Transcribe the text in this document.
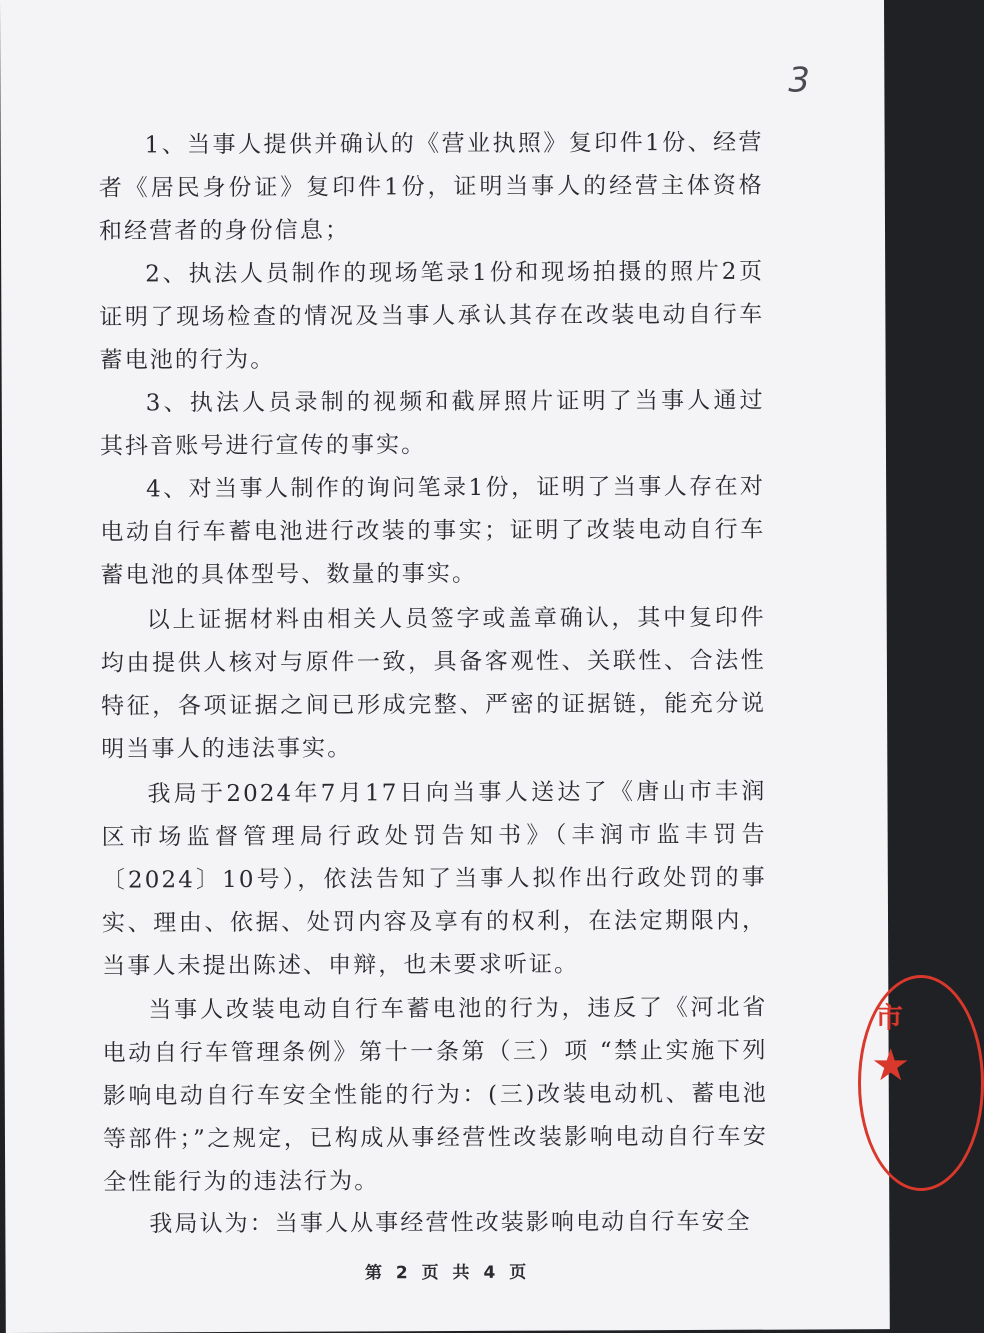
3

1、当事人提供并确认的《营业执照》复印件1份、经营者《居民身份证》复印件1份，证明当事人的经营主体资格和经营者的身份信息；

2、执法人员制作的现场笔录1份和现场拍摄的照片2页证明了现场检查的情况及当事人承认其存在改装电动自行车蓄电池的行为。

3、执法人员录制的视频和截屏照片证明了当事人通过其抖音账号进行宣传的事实。

4、对当事人制作的询问笔录1份，证明了当事人存在对电动自行车蓄电池进行改装的事实；证明了改装电动自行车蓄电池的具体型号、数量的事实。

以上证据材料由相关人员签字或盖章确认，其中复印件均由提供人核对与原件一致，具备客观性、关联性、合法性特征，各项证据之间已形成完整、严密的证据链，能充分说明当事人的违法事实。

我局于2024年7月17日向当事人送达了《唐山市丰润区市场监督管理局行政处罚告知书》（丰润市监丰罚告〔2024〕10号），依法告知了当事人拟作出行政处罚的事实、理由、依据、处罚内容及享有的权利，在法定期限内，当事人未提出陈述、申辩，也未要求听证。

当事人改装电动自行车蓄电池的行为，违反了《河北省电动自行车管理条例》第十一条第（三）项 “禁止实施下列影响电动自行车安全性能的行为：(三)改装电动机、蓄电池等部件；”之规定，已构成从事经营性改装影响电动自行车安全性能行为的违法行为。

我局认为：当事人从事经营性改装影响电动自行车安全

第 2 页 共 4 页
市
★
